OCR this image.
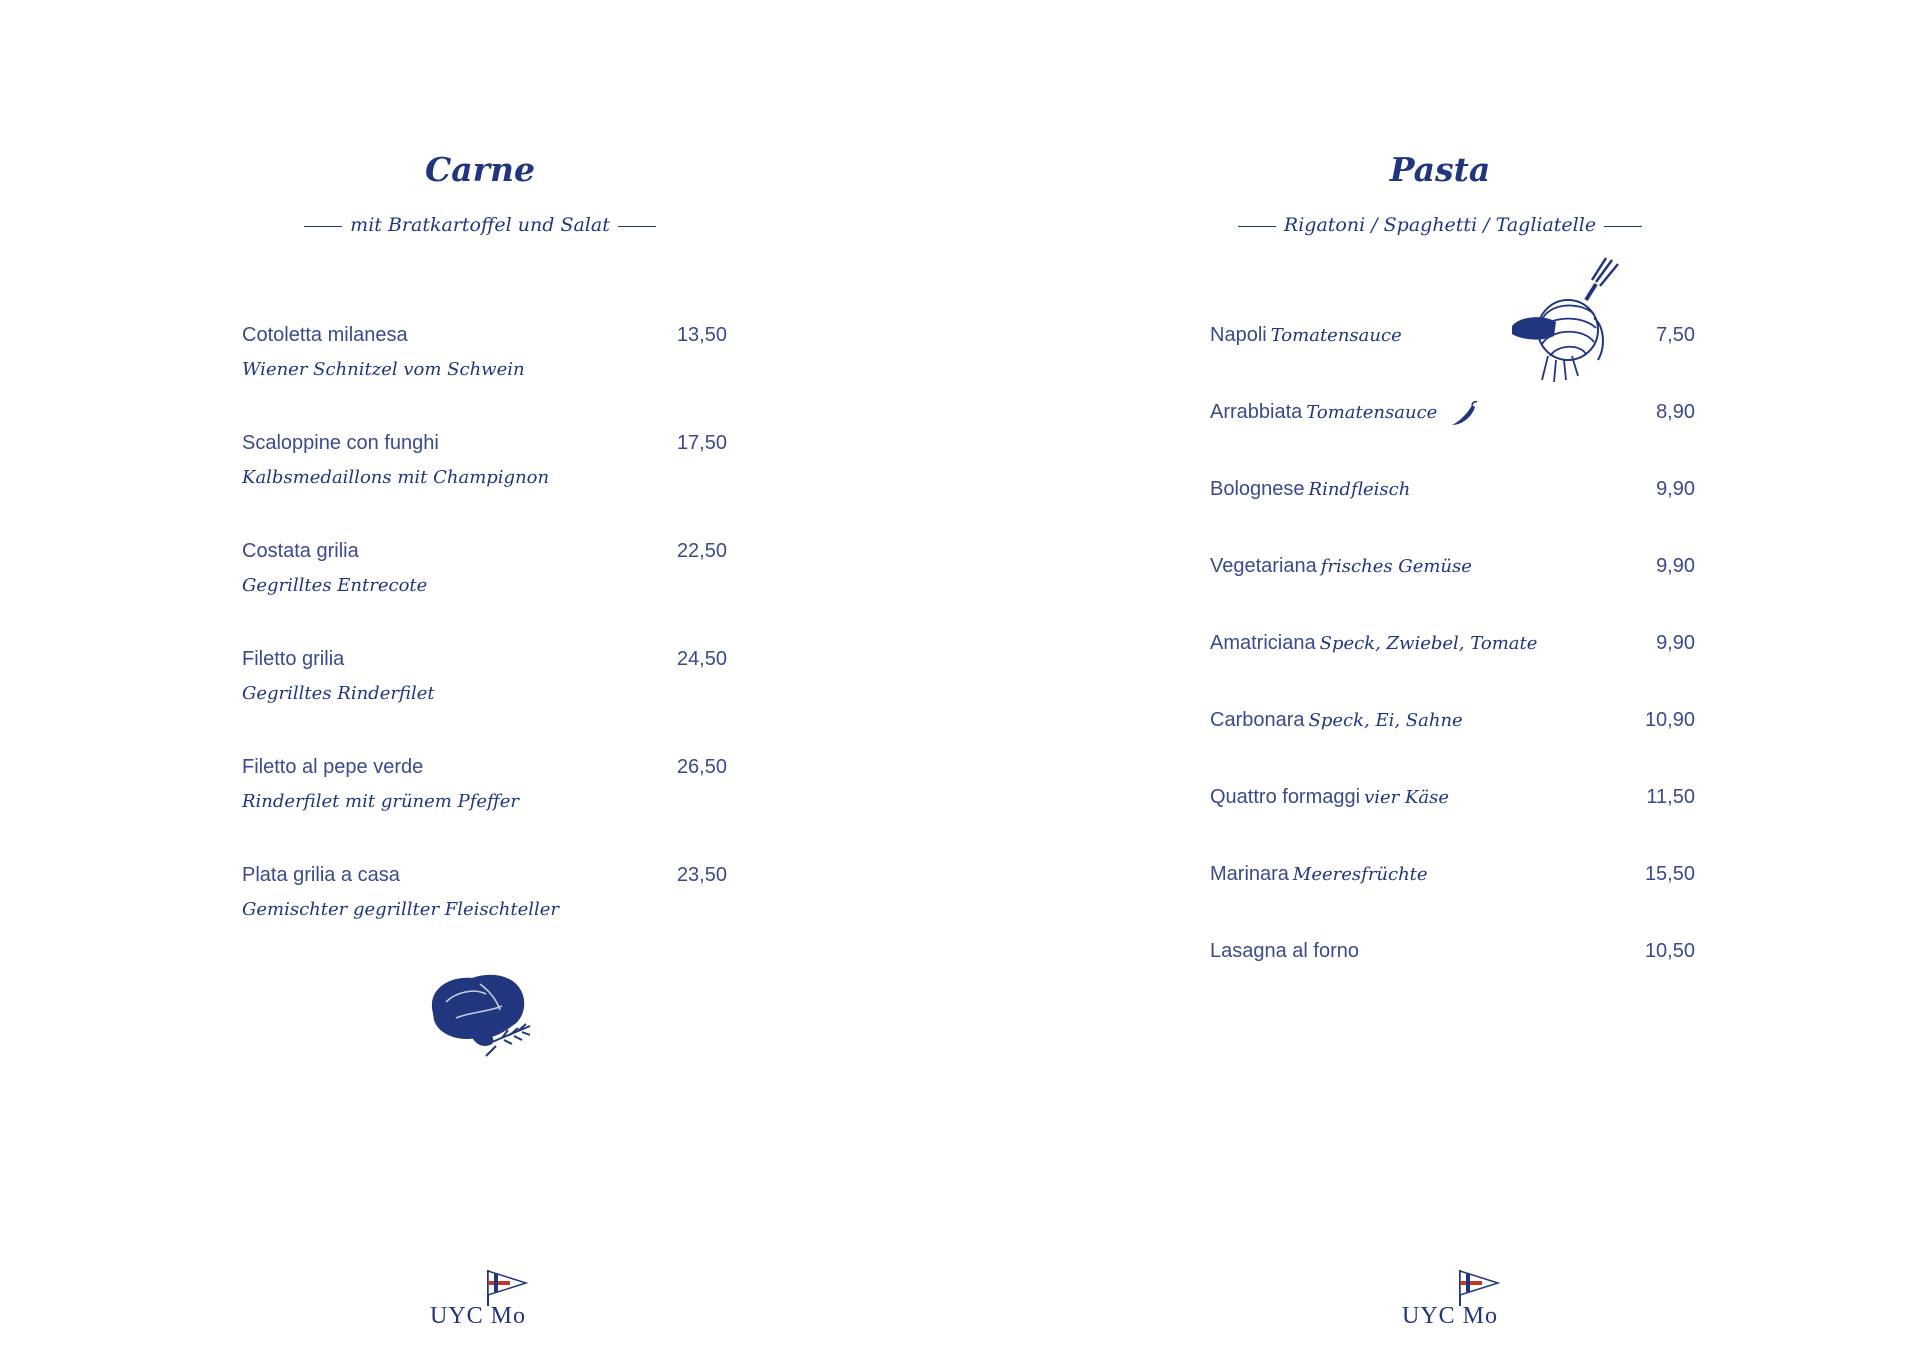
Carne
mit Bratkartoffel und Salat
Cotoletta milanesa	13,50
Wiener Schnitzel vom Schwein
Scaloppine con funghi	17,50
Kalbsmedaillons mit Champignon
Costata grilia	22,50
Gegrilltes Entrecote
Filetto grilia	24,50
Gegrilltes Rinderfilet
Filetto al pepe verde	26,50
Rinderfilet mit grünem Pfeffer
Plata grilia a casa	23,50
Gemischter gegrillter Fleischteller
UYC Mo
Pasta
Rigatoni / Spaghetti / Tagliatelle
Napoli Tomatensauce	7,50
Arrabbiata Tomatensauce	8,90
Bolognese Rindfleisch	9,90
Vegetariana frisches Gemüse	9,90
Amatriciana Speck, Zwiebel, Tomate	9,90
Carbonara Speck, Ei, Sahne	10,90
Quattro formaggi vier Käse	11,50
Marinara Meeresfrüchte	15,50
Lasagna al forno	10,50
UYC Mo
